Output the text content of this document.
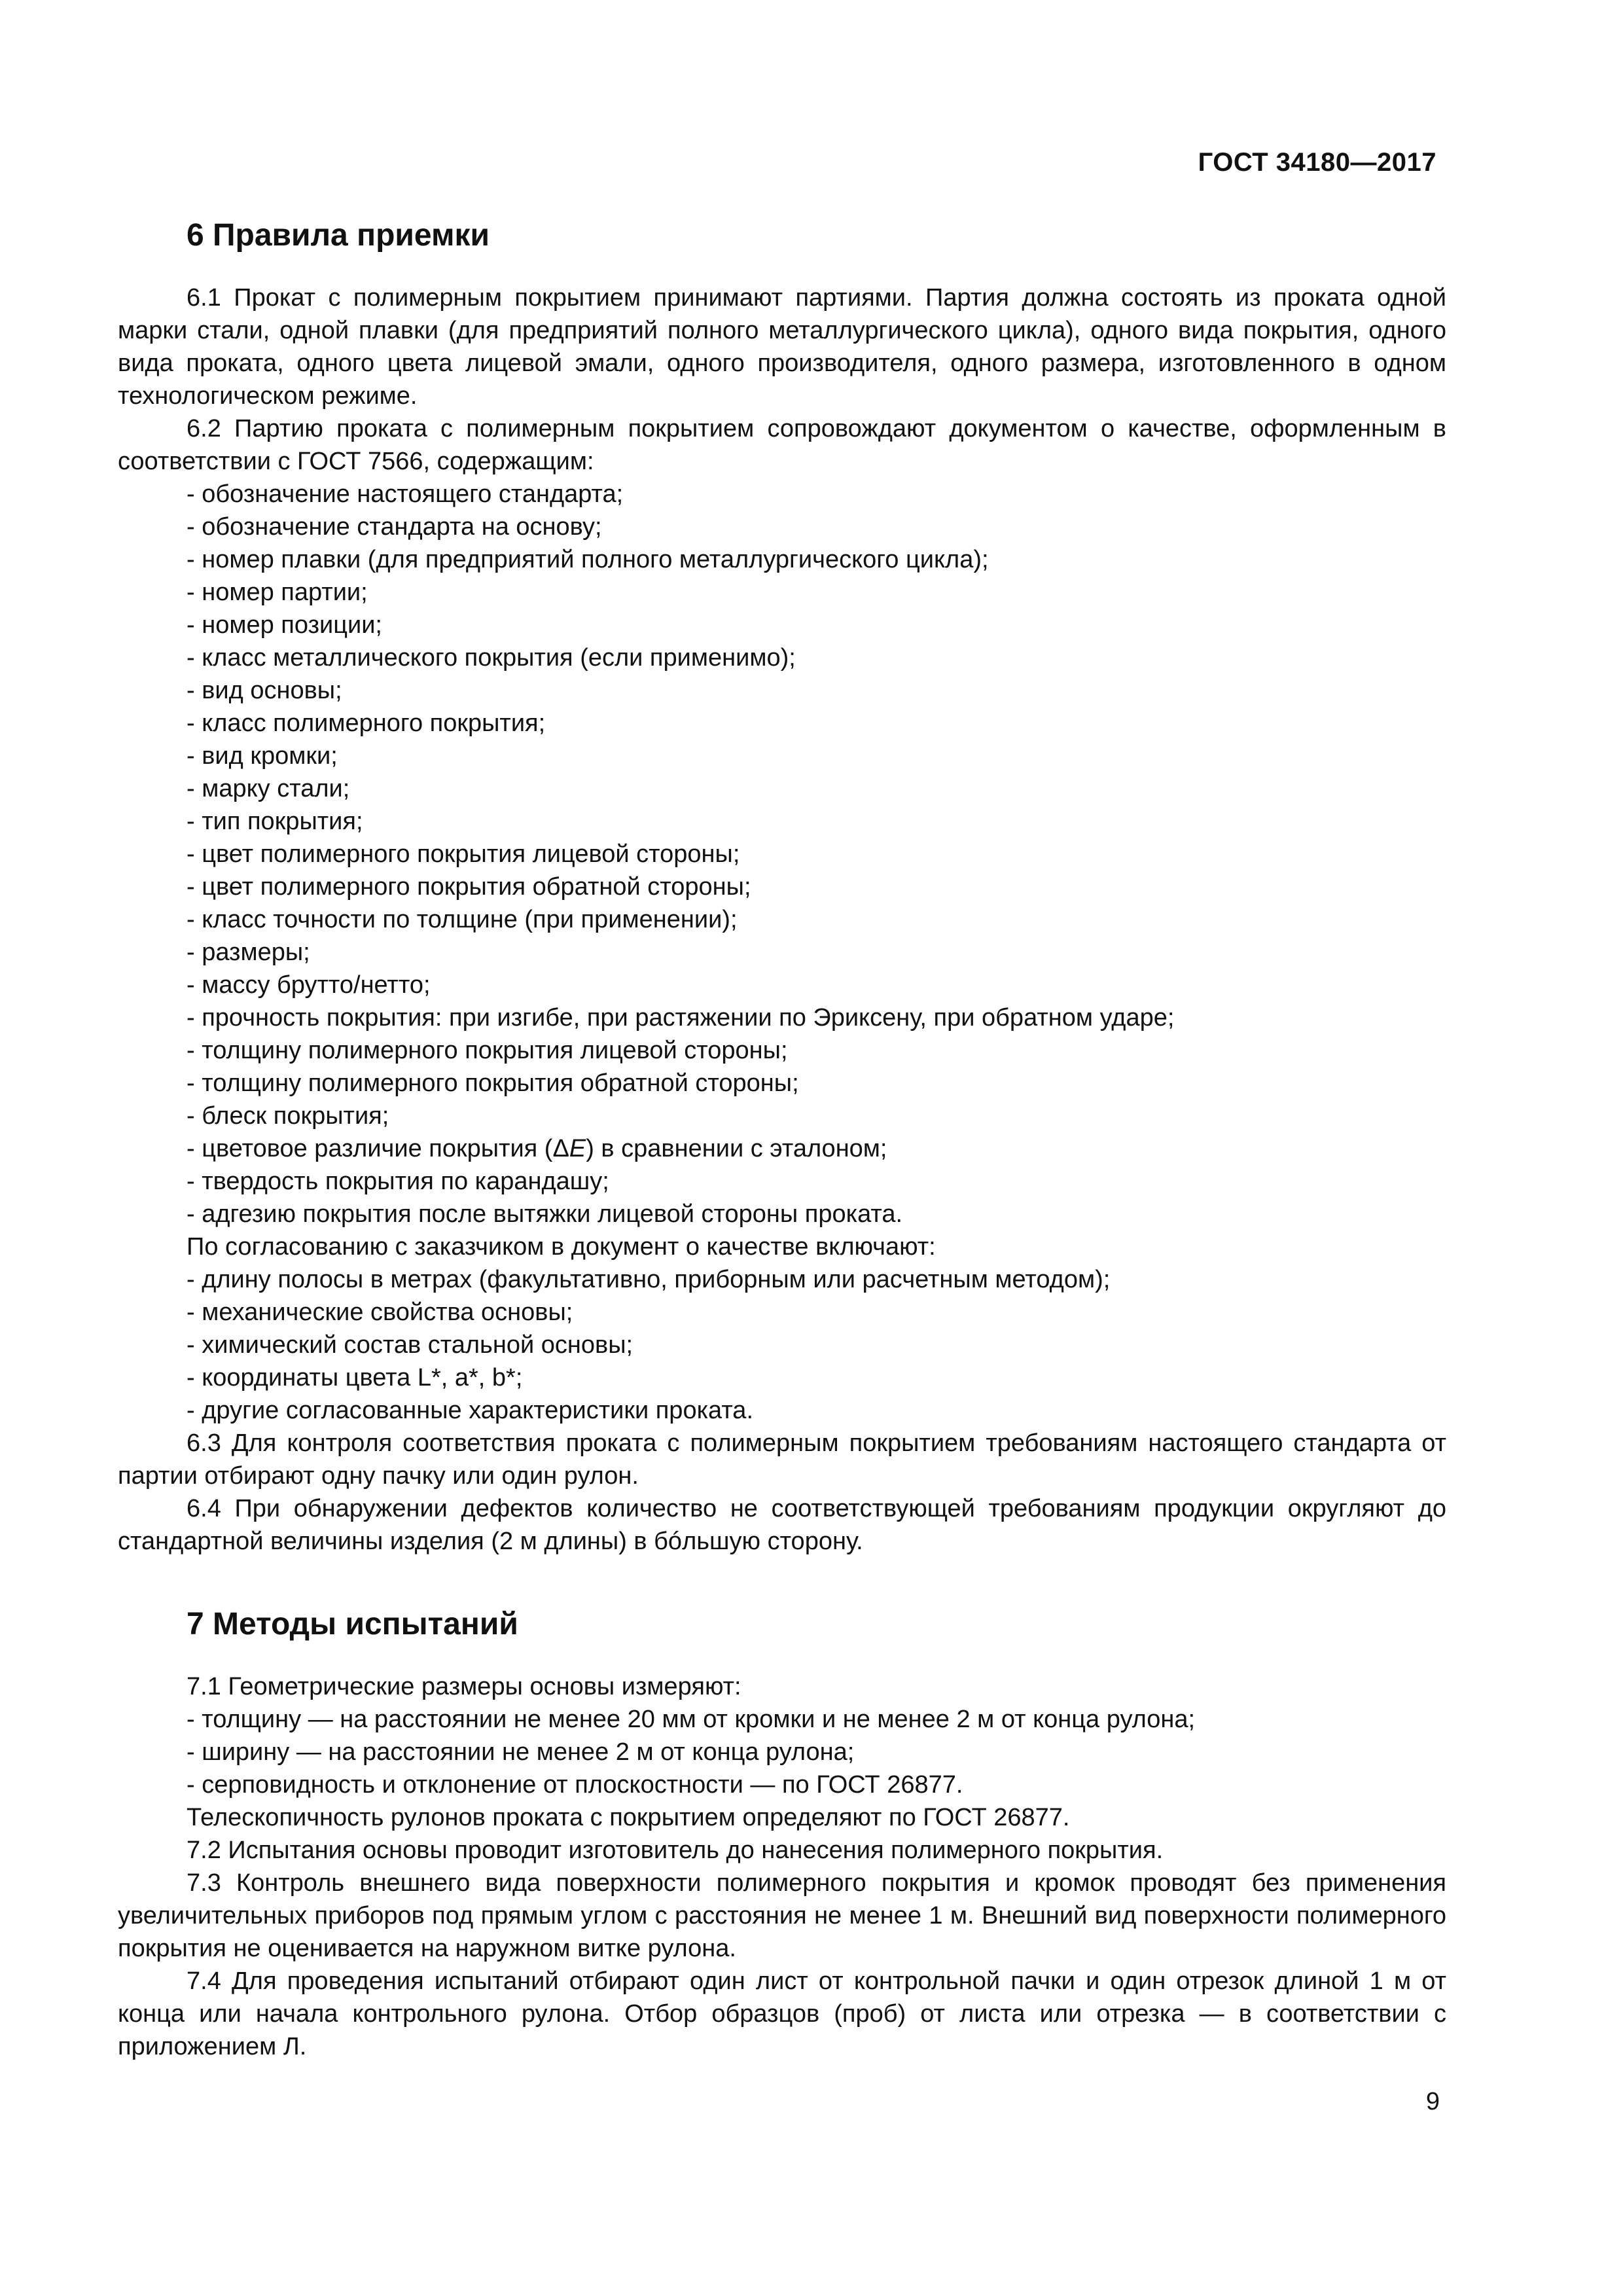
ГОСТ 34180—2017
6 Правила приемки

6.1 Прокат с полимерным покрытием принимают партиями. Партия должна состоять из проката одной марки стали, одной плавки (для предприятий полного металлургического цикла), одного вида покрытия, одного вида проката, одного цвета лицевой эмали, одного производителя, одного размера, изготовленного в одном технологическом режиме.

6.2 Партию проката с полимерным покрытием сопровождают документом о качестве, оформленным в соответствии с ГОСТ 7566, содержащим:

- обозначение настоящего стандарта;
- обозначение стандарта на основу;
- номер плавки (для предприятий полного металлургического цикла);
- номер партии;
- номер позиции;
- класс металлического покрытия (если применимо);
- вид основы;
- класс полимерного покрытия;
- вид кромки;
- марку стали;
- тип покрытия;
- цвет полимерного покрытия лицевой стороны;
- цвет полимерного покрытия обратной стороны;
- класс точности по толщине (при применении);
- размеры;
- массу брутто/нетто;
- прочность покрытия: при изгибе, при растяжении по Эриксену, при обратном ударе;
- толщину полимерного покрытия лицевой стороны;
- толщину полимерного покрытия обратной стороны;
- блеск покрытия;
- цветовое различие покрытия (ΔE) в сравнении с эталоном;
- твердость покрытия по карандашу;
- адгезию покрытия после вытяжки лицевой стороны проката.

По согласованию с заказчиком в документ о качестве включают:

- длину полосы в метрах (факультативно, приборным или расчетным методом);
- механические свойства основы;
- химический состав стальной основы;
- координаты цвета L*, a*, b*;
- другие согласованные характеристики проката.

6.3 Для контроля соответствия проката с полимерным покрытием требованиям настоящего стандарта от партии отбирают одну пачку или один рулон.

6.4 При обнаружении дефектов количество не соответствующей требованиям продукции округляют до стандартной величины изделия (2 м длины) в бóльшую сторону.

7 Методы испытаний

7.1 Геометрические размеры основы измеряют:

- толщину — на расстоянии не менее 20 мм от кромки и не менее 2 м от конца рулона;
- ширину — на расстоянии не менее 2 м от конца рулона;
- серповидность и отклонение от плоскостности — по ГОСТ 26877.

Телескопичность рулонов проката с покрытием определяют по ГОСТ 26877.

7.2 Испытания основы проводит изготовитель до нанесения полимерного покрытия.

7.3 Контроль внешнего вида поверхности полимерного покрытия и кромок проводят без применения увеличительных приборов под прямым углом с расстояния не менее 1 м. Внешний вид поверхности полимерного покрытия не оценивается на наружном витке рулона.

7.4 Для проведения испытаний отбирают один лист от контрольной пачки и один отрезок длиной 1 м от конца или начала контрольного рулона. Отбор образцов (проб) от листа или отрезка — в соответствии с приложением Л.

9
